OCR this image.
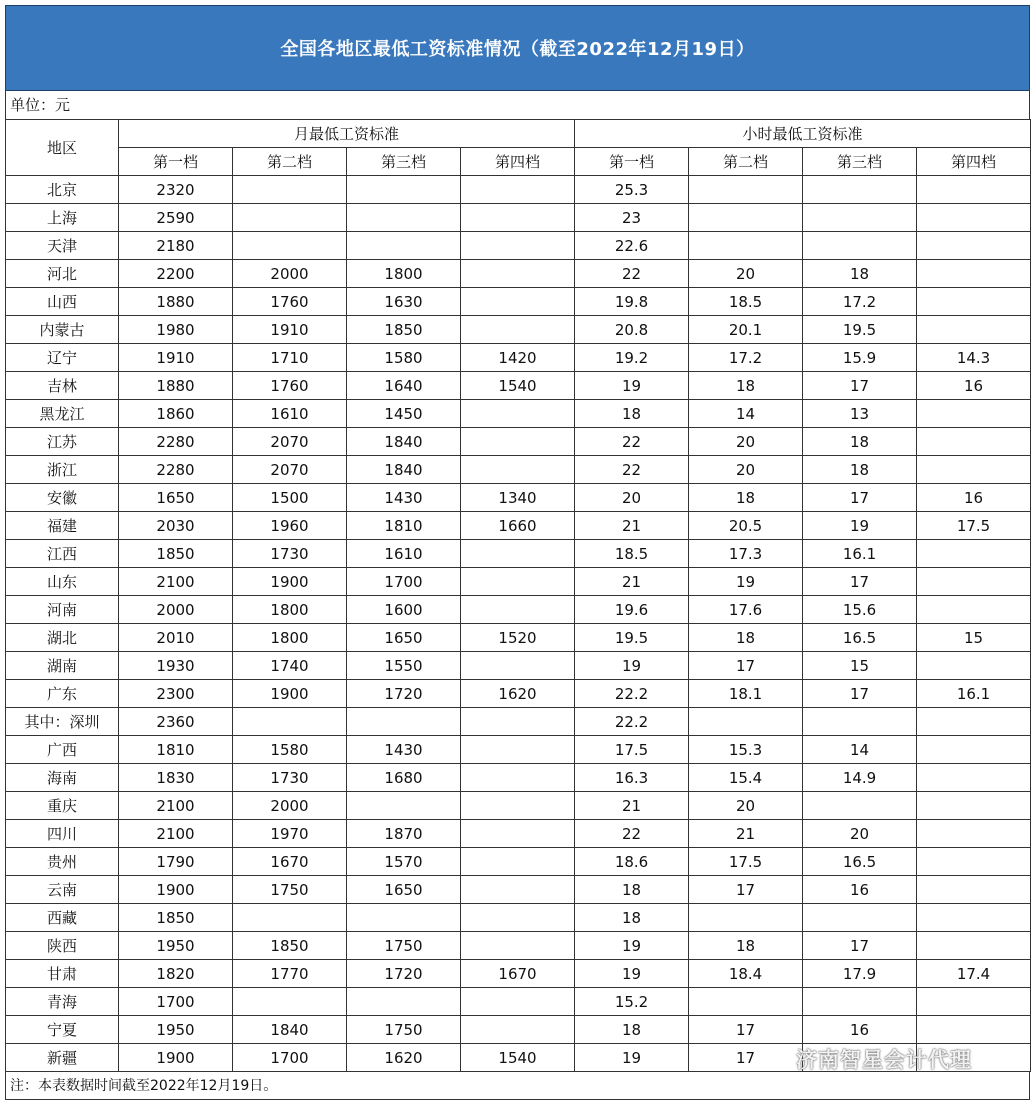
全国各地区最低工资标准情况（截至2022年12月19日）
单位：元
地区	月最低工资标准				小时最低工资标准			
	第一档	第二档	第三档	第四档	第一档	第二档	第三档	第四档
北京	2320				25.3			
上海	2590				23			
天津	2180				22.6			
河北	2200	2000	1800		22	20	18	
山西	1880	1760	1630		19.8	18.5	17.2	
内蒙古	1980	1910	1850		20.8	20.1	19.5	
辽宁	1910	1710	1580	1420	19.2	17.2	15.9	14.3
吉林	1880	1760	1640	1540	19	18	17	16
黑龙江	1860	1610	1450		18	14	13	
江苏	2280	2070	1840		22	20	18	
浙江	2280	2070	1840		22	20	18	
安徽	1650	1500	1430	1340	20	18	17	16
福建	2030	1960	1810	1660	21	20.5	19	17.5
江西	1850	1730	1610		18.5	17.3	16.1	
山东	2100	1900	1700		21	19	17	
河南	2000	1800	1600		19.6	17.6	15.6	
湖北	2010	1800	1650	1520	19.5	18	16.5	15
湖南	1930	1740	1550		19	17	15	
广东	2300	1900	1720	1620	22.2	18.1	17	16.1
其中：深圳	2360				22.2			
广西	1810	1580	1430		17.5	15.3	14	
海南	1830	1730	1680		16.3	15.4	14.9	
重庆	2100	2000			21	20		
四川	2100	1970	1870		22	21	20	
贵州	1790	1670	1570		18.6	17.5	16.5	
云南	1900	1750	1650		18	17	16	
西藏	1850				18			
陕西	1950	1850	1750		19	18	17	
甘肃	1820	1770	1720	1670	19	18.4	17.9	17.4
青海	1700				15.2			
宁夏	1950	1840	1750		18	17	16	
新疆	1900	1700	1620	1540	19	17		
注：本表数据时间截至2022年12月19日。
济南智星会计代理
